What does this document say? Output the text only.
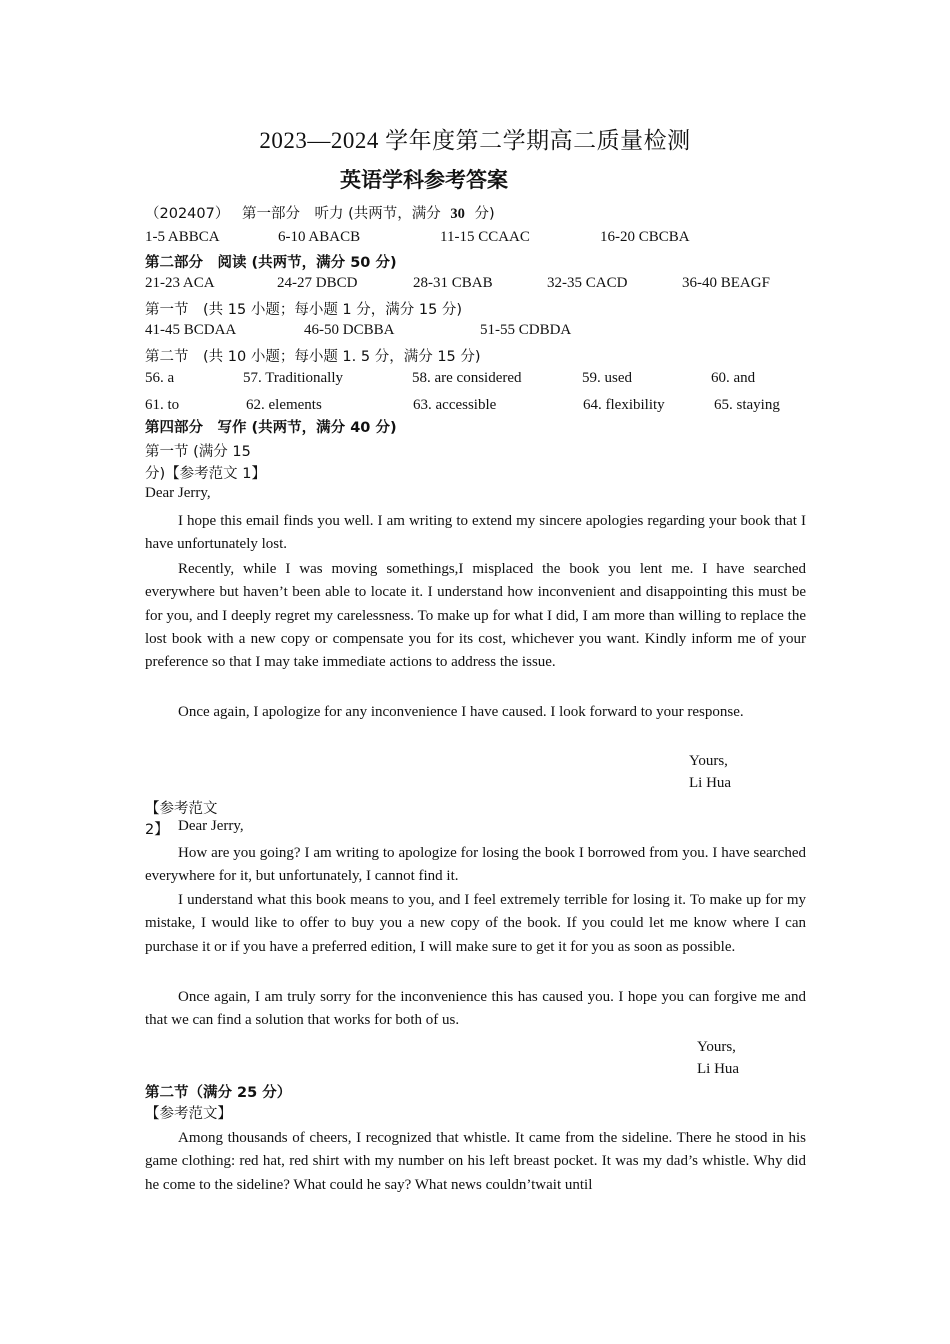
2023—2024 学年度第二学期高二质量检测
英语学科参考答案
（202407） 第一部分　听力 (共两节，满分 30 分)
1-5 ABBCA	6-10 ABACB	11-15 CCAAC	16-20 CBCBA
第二部分　阅读 (共两节，满分 50 分)
21-23 ACA	24-27 DBCD	28-31 CBAB	32-35 CACD	36-40 BEAGF
第一节　(共 15 小题；每小题 1 分，满分 15 分)
41-45 BCDAA	46-50 DCBBA	51-55 CDBDA
第二节　(共 10 小题；每小题 1. 5 分，满分 15 分)
56. a	57. Traditionally	58. are considered	59. used	60. and
61. to	62. elements	63. accessible	64. flexibility	65. staying
第四部分　写作 (共两节，满分 40 分)
第一节 (满分 15
分)【参考范文 1】
Dear Jerry,
I hope this email finds you well. I am writing to extend my sincere apologies regarding your book that I have unfortunately lost.
Recently, while I was moving somethings,I misplaced the book you lent me. I have searched everywhere but haven’t been able to locate it. I understand how inconvenient and disappointing this must be for you, and I deeply regret my carelessness. To make up for what I did, I am more than willing to replace the lost book with a new copy or compensate you for its cost, whichever you want. Kindly inform me of your preference so that I may take immediate actions to address the issue.
Once again, I apologize for any inconvenience I have caused. I look forward to your response.
Yours,
Li Hua
【参考范文
2】 Dear Jerry,
How are you going? I am writing to apologize for losing the book I borrowed from you. I have searched everywhere for it, but unfortunately, I cannot find it.
I understand what this book means to you, and I feel extremely terrible for losing it. To make up for my mistake, I would like to offer to buy you a new copy of the book. If you could let me know where I can purchase it or if you have a preferred edition, I will make sure to get it for you as soon as possible.
Once again, I am truly sorry for the inconvenience this has caused you. I hope you can forgive me and that we can find a solution that works for both of us.
Yours,
Li Hua
第二节（满分 25 分）
【参考范文】
Among thousands of cheers, I recognized that whistle. It came from the sideline. There he stood in his game clothing: red hat, red shirt with my number on his left breast pocket. It was my dad’s whistle. Why did he come to the sideline? What could he say? What news couldn’twait until
